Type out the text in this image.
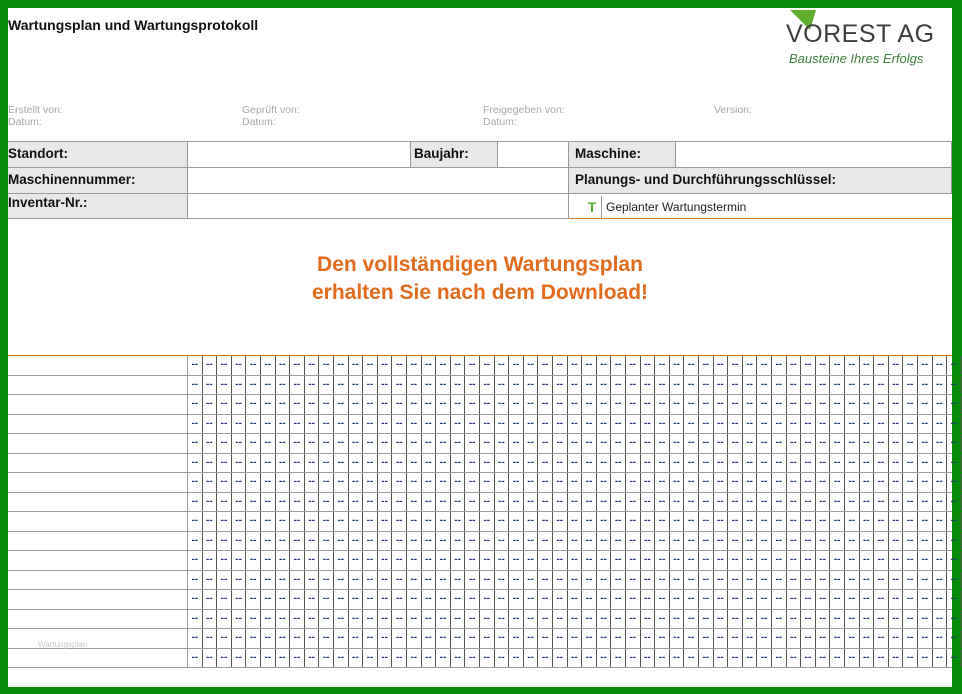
Wartungsplan und Wartungsprotokoll	VOREST AG
Bausteine Ihres Erfolgs
Erstellt von:
Datum:
Geprüft von:
Datum:
Freigegeben von:
Datum:
Version:
Standort:	Baujahr:	Maschine:
Maschinennummer:	Planungs- und Durchführungsschlüssel:
Inventar-Nr.:	T Geplanter Wartungstermin
Den vollständigen Wartungsplan
erhalten Sie nach dem Download!
-- -- -- -- -- -- -- -- -- -- -- -- -- -- -- -- -- -- -- -- -- -- -- -- -- -- -- -- -- -- -- -- -- -- -- -- -- -- -- -- -- -- -- -- -- -- -- -- -- -- -- -- --
-- -- -- -- -- -- -- -- -- -- -- -- -- -- -- -- -- -- -- -- -- -- -- -- -- -- -- -- -- -- -- -- -- -- -- -- -- -- -- -- -- -- -- -- -- -- -- -- -- -- -- -- --
-- -- -- -- -- -- -- -- -- -- -- -- -- -- -- -- -- -- -- -- -- -- -- -- -- -- -- -- -- -- -- -- -- -- -- -- -- -- -- -- -- -- -- -- -- -- -- -- -- -- -- -- --
-- -- -- -- -- -- -- -- -- -- -- -- -- -- -- -- -- -- -- -- -- -- -- -- -- -- -- -- -- -- -- -- -- -- -- -- -- -- -- -- -- -- -- -- -- -- -- -- -- -- -- -- --
-- -- -- -- -- -- -- -- -- -- -- -- -- -- -- -- -- -- -- -- -- -- -- -- -- -- -- -- -- -- -- -- -- -- -- -- -- -- -- -- -- -- -- -- -- -- -- -- -- -- -- -- --
-- -- -- -- -- -- -- -- -- -- -- -- -- -- -- -- -- -- -- -- -- -- -- -- -- -- -- -- -- -- -- -- -- -- -- -- -- -- -- -- -- -- -- -- -- -- -- -- -- -- -- -- --
-- -- -- -- -- -- -- -- -- -- -- -- -- -- -- -- -- -- -- -- -- -- -- -- -- -- -- -- -- -- -- -- -- -- -- -- -- -- -- -- -- -- -- -- -- -- -- -- -- -- -- -- --
-- -- -- -- -- -- -- -- -- -- -- -- -- -- -- -- -- -- -- -- -- -- -- -- -- -- -- -- -- -- -- -- -- -- -- -- -- -- -- -- -- -- -- -- -- -- -- -- -- -- -- -- --
-- -- -- -- -- -- -- -- -- -- -- -- -- -- -- -- -- -- -- -- -- -- -- -- -- -- -- -- -- -- -- -- -- -- -- -- -- -- -- -- -- -- -- -- -- -- -- -- -- -- -- -- --
-- -- -- -- -- -- -- -- -- -- -- -- -- -- -- -- -- -- -- -- -- -- -- -- -- -- -- -- -- -- -- -- -- -- -- -- -- -- -- -- -- -- -- -- -- -- -- -- -- -- -- -- --
-- -- -- -- -- -- -- -- -- -- -- -- -- -- -- -- -- -- -- -- -- -- -- -- -- -- -- -- -- -- -- -- -- -- -- -- -- -- -- -- -- -- -- -- -- -- -- -- -- -- -- -- --
-- -- -- -- -- -- -- -- -- -- -- -- -- -- -- -- -- -- -- -- -- -- -- -- -- -- -- -- -- -- -- -- -- -- -- -- -- -- -- -- -- -- -- -- -- -- -- -- -- -- -- -- --
-- -- -- -- -- -- -- -- -- -- -- -- -- -- -- -- -- -- -- -- -- -- -- -- -- -- -- -- -- -- -- -- -- -- -- -- -- -- -- -- -- -- -- -- -- -- -- -- -- -- -- -- --
-- -- -- -- -- -- -- -- -- -- -- -- -- -- -- -- -- -- -- -- -- -- -- -- -- -- -- -- -- -- -- -- -- -- -- -- -- -- -- -- -- -- -- -- -- -- -- -- -- -- -- -- --
-- -- -- -- -- -- -- -- -- -- -- -- -- -- -- -- -- -- -- -- -- -- -- -- -- -- -- -- -- -- -- -- -- -- -- -- -- -- -- -- -- -- -- -- -- -- -- -- -- -- -- -- --
-- -- -- -- -- -- -- -- -- -- -- -- -- -- -- -- -- -- -- -- -- -- -- -- -- -- -- -- -- -- -- -- -- -- -- -- -- -- -- -- -- -- -- -- -- -- -- -- -- -- -- -- --
Wartungsplan
